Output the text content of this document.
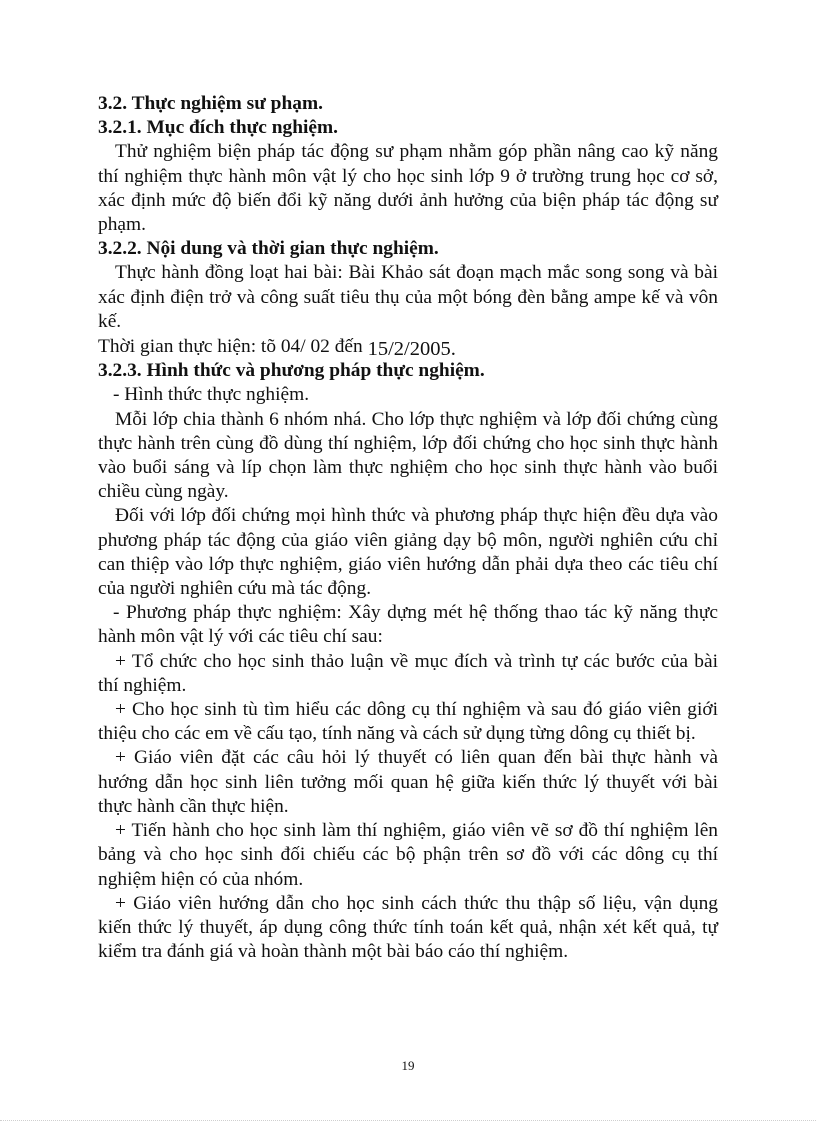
3.2. Thực nghiệm sư phạm.

3.2.1. Mục đích thực nghiệm.

Thử nghiệm biện pháp tác động sư phạm nhằm góp phần nâng cao kỹ năng thí nghiệm thực hành môn vật lý cho học sinh lớp 9 ở trường trung học cơ sở, xác định mức độ biến đổi kỹ năng dưới ảnh hưởng của biện pháp tác động sư phạm.

3.2.2. Nội dung và thời gian thực nghiệm.

Thực hành đồng loạt hai bài: Bài Khảo sát đoạn mạch mắc song song và bài xác định điện trở và công suất tiêu thụ của một bóng đèn bằng ampe kế và vôn kế.

Thời gian thực hiện: tõ 04/ 02 đến 15/2/2005.

3.2.3. Hình thức và phương pháp thực nghiệm.

- Hình thức thực nghiệm.

Mỗi lớp chia thành 6 nhóm nhá. Cho lớp thực nghiệm và lớp đối chứng cùng thực hành trên cùng đồ dùng thí nghiệm, lớp đối chứng cho học sinh thực hành vào buổi sáng và líp chọn làm thực nghiệm cho học sinh thực hành vào buổi chiều cùng ngày.

Đối với lớp đối chứng mọi hình thức và phương pháp thực hiện đều dựa vào phương pháp tác động của giáo viên giảng dạy bộ môn, người nghiên cứu chỉ can thiệp vào lớp thực nghiệm, giáo viên hướng dẫn phải dựa theo các tiêu chí của người nghiên cứu mà tác động.

- Phương pháp thực nghiệm: Xây dựng mét hệ thống thao tác kỹ năng thực hành môn vật lý với các tiêu chí sau:

+ Tổ chức cho học sinh thảo luận về mục đích và trình tự các bước của bài thí nghiệm.

+ Cho học sinh tù tìm hiểu các dông cụ thí nghiệm và sau đó giáo viên giới thiệu cho các em về cấu tạo, tính năng và cách sử dụng từng dông cụ thiết bị.

+ Giáo viên đặt các câu hỏi lý thuyết có liên quan đến bài thực hành và hướng dẫn học sinh liên tưởng mối quan hệ giữa kiến thức lý thuyết với bài thực hành cần thực hiện.

+ Tiến hành cho học sinh làm thí nghiệm, giáo viên vẽ sơ đồ thí nghiệm lên bảng và cho học sinh đối chiếu các bộ phận trên sơ đồ với các dông cụ thí nghiệm hiện có của nhóm.

+ Giáo viên hướng dẫn cho học sinh cách thức thu thập số liệu, vận dụng kiến thức lý thuyết, áp dụng công thức tính toán kết quả, nhận xét kết quả, tự kiểm tra đánh giá và hoàn thành một bài báo cáo thí nghiệm.

19
